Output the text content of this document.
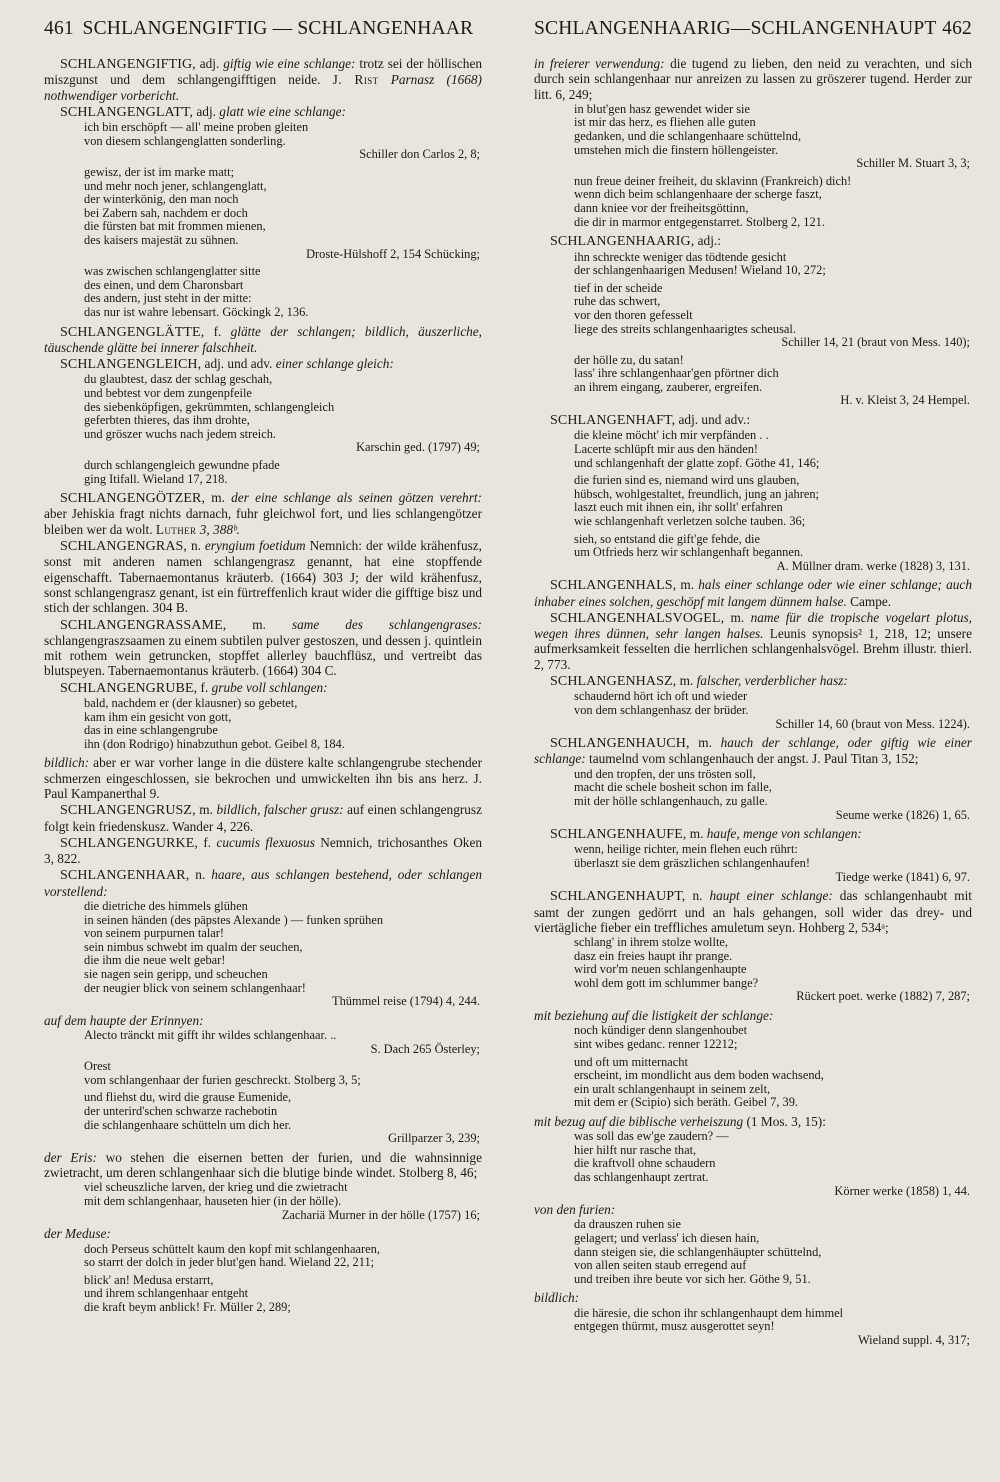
461 SCHLANGENGIFTIG — SCHLANGENHAAR	SCHLANGENHAARIG—SCHLANGENHAUPT 462

SCHLANGENGIFTIG, adj. giftig wie eine schlange: trotz sei der höllischen miszgunst und dem schlangengifftigen neide. J. Rist Parnasz (1668) nothwendiger vorbericht.

SCHLANGENGLATT, adj. glatt wie eine schlange:

ich bin erschöpft — all' meine proben gleiten
von diesem schlangenglatten sonderling.
Schiller don Carlos 2, 8;
gewisz, der ist im marke matt;
und mehr noch jener, schlangenglatt,
der winterkönig, den man noch
bei Zabern sah, nachdem er doch
die fürsten bat mit frommen mienen,
des kaisers majestät zu sühnen.
Droste-Hülshoff 2, 154 Schücking;
was zwischen schlangenglatter sitte
des einen, und dem Charonsbart
des andern, just steht in der mitte:
das nur ist wahre lebensart. Göckingk 2, 136.

SCHLANGENGLÄTTE, f. glätte der schlangen; bildlich, äuszerliche, täuschende glätte bei innerer falschheit.

SCHLANGENGLEICH, adj. und adv. einer schlange gleich:

du glaubtest, dasz der schlag geschah,
und bebtest vor dem zungenpfeile
des siebenköpfigen, gekrümmten, schlangengleich
geferbten thieres, das ihm drohte,
und gröszer wuchs nach jedem streich.
Karschin ged. (1797) 49;
durch schlangengleich gewundne pfade
ging Itifall. Wieland 17, 218.

SCHLANGENGÖTZER, m. der eine schlange als seinen götzen verehrt: aber Jehiskia fragt nichts darnach, fuhr gleichwol fort, und lies schlangengötzer bleiben wer da wolt. Luther 3, 388ᵇ.

SCHLANGENGRAS, n. eryngium foetidum Nemnich: der wilde krähenfusz, sonst mit anderen namen schlangengrasz genannt, hat eine stopffende eigenschafft. Tabernaemontanus kräuterb. (1664) 303 J; der wild krähenfusz, sonst schlangengrasz genant, ist ein fürtreffenlich kraut wider die gifftige bisz und stich der schlangen. 304 B.

SCHLANGENGRASSAME, m. same des schlangengrases: schlangengraszsaamen zu einem subtilen pulver gestoszen, und dessen j. quintlein mit rothem wein getruncken, stopffet allerley bauchflüsz, und vertreibt das blutspeyen. Tabernaemontanus kräuterb. (1664) 304 C.

SCHLANGENGRUBE, f. grube voll schlangen:

bald, nachdem er (der klausner) so gebetet,
kam ihm ein gesicht von gott,
das in eine schlangengrube
ihn (don Rodrigo) hinabzuthun gebot. Geibel 8, 184.

bildlich: aber er war vorher lange in die düstere kalte schlangengrube stechender schmerzen eingeschlossen, sie bekrochen und umwickelten ihn bis ans herz. J. Paul Kampanerthal 9.

SCHLANGENGRUSZ, m. bildlich, falscher grusz: auf einen schlangengrusz folgt kein friedenskusz. Wander 4, 226.

SCHLANGENGURKE, f. cucumis flexuosus Nemnich, trichosanthes Oken 3, 822.

SCHLANGENHAAR, n. haare, aus schlangen bestehend, oder schlangen vorstellend:

die dietriche des himmels glühen
in seinen händen (des päpstes Alexande ) — funken sprühen
von seinem purpurnen talar!
sein nimbus schwebt im qualm der seuchen,
die ihm die neue welt gebar!
sie nagen sein geripp, und scheuchen
der neugier blick von seinem schlangenhaar!
Thümmel reise (1794) 4, 244.

auf dem haupte der Erinnyen:

Alecto tränckt mit gifft ihr wildes schlangenhaar. ..
S. Dach 265 Österley;
Orest
vom schlangenhaar der furien geschreckt. Stolberg 3, 5;
und fliehst du, wird die grause Eumenide,
der unterird'schen schwarze rachebotin
die schlangenhaare schütteln um dich her.
Grillparzer 3, 239;

der Eris: wo stehen die eisernen betten der furien, und die wahnsinnige zwietracht, um deren schlangenhaar sich die blutige binde windet. Stolberg 8, 46;

viel scheuszliche larven, der krieg und die zwietracht
mit dem schlangenhaar, hauseten hier (in der hölle).
Zachariä Murner in der hölle (1757) 16;

der Meduse:

doch Perseus schüttelt kaum den kopf mit schlangenhaaren,
so starrt der dolch in jeder blut'gen hand. Wieland 22, 211;
blick' an! Medusa erstarrt,
und ihrem schlangenhaar entgeht
die kraft beym anblick! Fr. Müller 2, 289;

in freierer verwendung: die tugend zu lieben, den neid zu verachten, und sich durch sein schlangenhaar nur anreizen zu lassen zu gröszerer tugend. Herder zur litt. 6, 249;

in blut'gen hasz gewendet wider sie
ist mir das herz, es fliehen alle guten
gedanken, und die schlangenhaare schüttelnd,
umstehen mich die finstern höllengeister.
Schiller M. Stuart 3, 3;
nun freue deiner freiheit, du sklavinn (Frankreich) dich!
wenn dich beim schlangenhaare der scherge faszt,
dann kniee vor der freiheitsgöttinn,
die dir in marmor entgegenstarret. Stolberg 2, 121.

SCHLANGENHAARIG, adj.:

ihn schreckte weniger das tödtende gesicht
der schlangenhaarigen Medusen! Wieland 10, 272;
tief in der scheide
ruhe das schwert,
vor den thoren gefesselt
liege des streits schlangenhaarigtes scheusal.
Schiller 14, 21 (braut von Mess. 140);
der hölle zu, du satan!
lass' ihre schlangenhaar'gen pförtner dich
an ihrem eingang, zauberer, ergreifen.
H. v. Kleist 3, 24 Hempel.

SCHLANGENHAFT, adj. und adv.:

die kleine möcht' ich mir verpfänden . .
Lacerte schlüpft mir aus den händen!
und schlangenhaft der glatte zopf. Göthe 41, 146;
die furien sind es, niemand wird uns glauben,
hübsch, wohlgestaltet, freundlich, jung an jahren;
laszt euch mit ihnen ein, ihr sollt' erfahren
wie schlangenhaft verletzen solche tauben. 36;
sieh, so entstand die gift'ge fehde, die
um Otfrieds herz wir schlangenhaft begannen.
A. Müllner dram. werke (1828) 3, 131.

SCHLANGENHALS, m. hals einer schlange oder wie einer schlange; auch inhaber eines solchen, geschöpf mit langem dünnem halse. Campe.

SCHLANGENHALSVOGEL, m. name für die tropische vogelart plotus, wegen ihres dünnen, sehr langen halses. Leunis synopsis² 1, 218, 12; unsere aufmerksamkeit fesselten die herrlichen schlangenhalsvögel. Brehm illustr. thierl. 2, 773.

SCHLANGENHASZ, m. falscher, verderblicher hasz:

schaudernd hört ich oft und wieder
von dem schlangenhasz der brüder.
Schiller 14, 60 (braut von Mess. 1224).

SCHLANGENHAUCH, m. hauch der schlange, oder giftig wie einer schlange: taumelnd vom schlangenhauch der angst. J. Paul Titan 3, 152;

und den tropfen, der uns trösten soll,
macht die schele bosheit schon im falle,
mit der hölle schlangenhauch, zu galle.
Seume werke (1826) 1, 65.

SCHLANGENHAUFE, m. haufe, menge von schlangen:

wenn, heilige richter, mein flehen euch rührt:
überlaszt sie dem gräszlichen schlangenhaufen!
Tiedge werke (1841) 6, 97.

SCHLANGENHAUPT, n. haupt einer schlange: das schlangenhaubt mit samt der zungen gedörrt und an hals gehangen, soll wider das drey- und viertägliche fieber ein treffliches amuletum seyn. Hohberg 2, 534ᵃ;

schlang' in ihrem stolze wollte,
dasz ein freies haupt ihr prange.
wird vor'm neuen schlangenhaupte
wohl dem gott im schlummer bange?
Rückert poet. werke (1882) 7, 287;

mit beziehung auf die listigkeit der schlange:

noch kündiger denn slangenhoubet
sint wibes gedanc. renner 12212;
und oft um mitternacht
erscheint, im mondlicht aus dem boden wachsend,
ein uralt schlangenhaupt in seinem zelt,
mit dem er (Scipio) sich beräth. Geibel 7, 39.

mit bezug auf die biblische verheiszung (1 Mos. 3, 15):

was soll das ew'ge zaudern? —
hier hilft nur rasche that,
die kraftvoll ohne schaudern
das schlangenhaupt zertrat.
Körner werke (1858) 1, 44.

von den furien:

da drauszen ruhen sie
gelagert; und verlass' ich diesen hain,
dann steigen sie, die schlangenhäupter schüttelnd,
von allen seiten staub erregend auf
und treiben ihre beute vor sich her. Göthe 9, 51.

bildlich:

die häresie, die schon ihr schlangenhaupt dem himmel
entgegen thürmt, musz ausgerottet seyn!
Wieland suppl. 4, 317;
